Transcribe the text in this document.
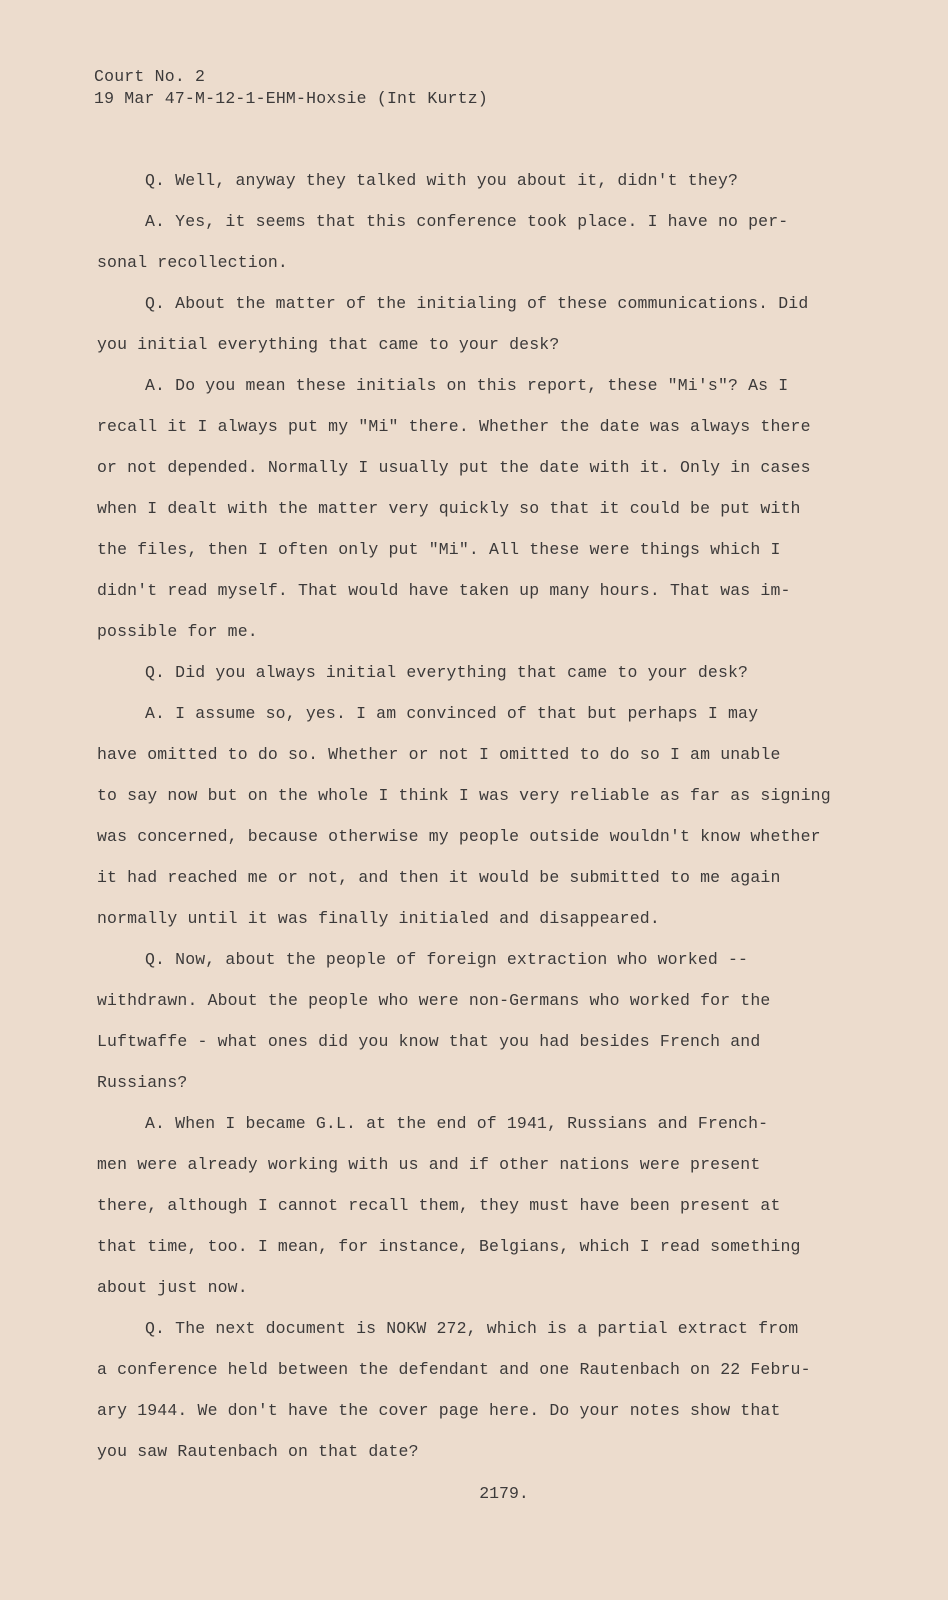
Court No. 2
19 Mar 47-M-12-1-EHM-Hoxsie (Int Kurtz)
Q. Well, anyway they talked with you about it, didn't they?
A. Yes, it seems that this conference took place. I have no per-
sonal recollection.
Q. About the matter of the initialing of these communications. Did
you initial everything that came to your desk?
A. Do you mean these initials on this report, these "Mi's"? As I
recall it I always put my "Mi" there. Whether the date was always there
or not depended. Normally I usually put the date with it. Only in cases
when I dealt with the matter very quickly so that it could be put with
the files, then I often only put "Mi". All these were things which I
didn't read myself. That would have taken up many hours. That was im-
possible for me.
Q. Did you always initial everything that came to your desk?
A. I assume so, yes. I am convinced of that but perhaps I may
have omitted to do so. Whether or not I omitted to do so I am unable
to say now but on the whole I think I was very reliable as far as signing
was concerned, because otherwise my people outside wouldn't know whether
it had reached me or not, and then it would be submitted to me again
normally until it was finally initialed and disappeared.
Q. Now, about the people of foreign extraction who worked --
withdrawn. About the people who were non-Germans who worked for the
Luftwaffe - what ones did you know that you had besides French and
Russians?
A. When I became G.L. at the end of 1941, Russians and French-
men were already working with us and if other nations were present
there, although I cannot recall them, they must have been present at
that time, too. I mean, for instance, Belgians, which I read something
about just now.
Q. The next document is NOKW 272, which is a partial extract from
a conference held between the defendant and one Rautenbach on 22 Febru-
ary 1944. We don't have the cover page here. Do your notes show that
you saw Rautenbach on that date?
2179.
